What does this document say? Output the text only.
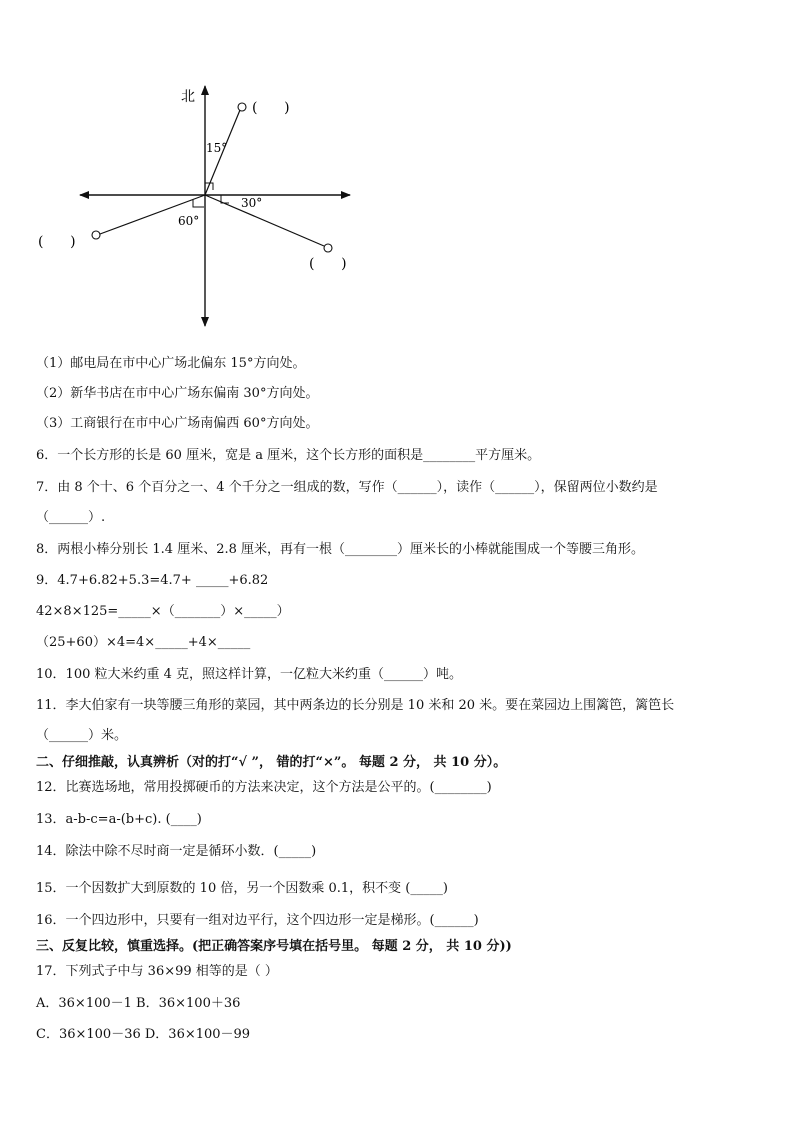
北
15°
30°
60°
(      )
(      )
(      )

（1）邮电局在市中心广场北偏东 15°方向处。

（2）新华书店在市中心广场东偏南 30°方向处。

（3）工商银行在市中心广场南偏西 60°方向处。

6．一个长方形的长是 60 厘米，宽是 a 厘米，这个长方形的面积是________平方厘米。

7．由 8 个十、6 个百分之一、4 个千分之一组成的数，写作（______），读作（______），保留两位小数约是

（______）.

8．两根小棒分别长 1.4 厘米、2.8 厘米，再有一根（________）厘米长的小棒就能围成一个等腰三角形。

9．4.7+6.82+5.3=4.7+ _____+6.82

42×8×125=_____×（_______）×_____）

（25+60）×4=4×_____+4×_____

10．100 粒大米约重 4 克，照这样计算，一亿粒大米约重（______）吨。

11．李大伯家有一块等腰三角形的菜园，其中两条边的长分别是 10 米和 20 米。要在菜园边上围篱笆，篱笆长

（______）米。

二、仔细推敲，认真辨析（对的打“√ ”， 错的打“×”。 每题 2 分， 共 10 分）。

12．比赛选场地，常用投掷硬币的方法来决定，这个方法是公平的。(________)

13．a-b-c=a-(b+c). (____)

14．除法中除不尽时商一定是循环小数．(_____)

15．一个因数扩大到原数的 10 倍，另一个因数乘 0.1，积不变 (_____)

16．一个四边形中，只要有一组对边平行，这个四边形一定是梯形。(______)

三、反复比较，慎重选择。(把正确答案序号填在括号里。 每题 2 分， 共 10 分))

17．下列式子中与 36×99 相等的是（ ）

A．36×100－1 B．36×100＋36

C．36×100－36 D．36×100－99
